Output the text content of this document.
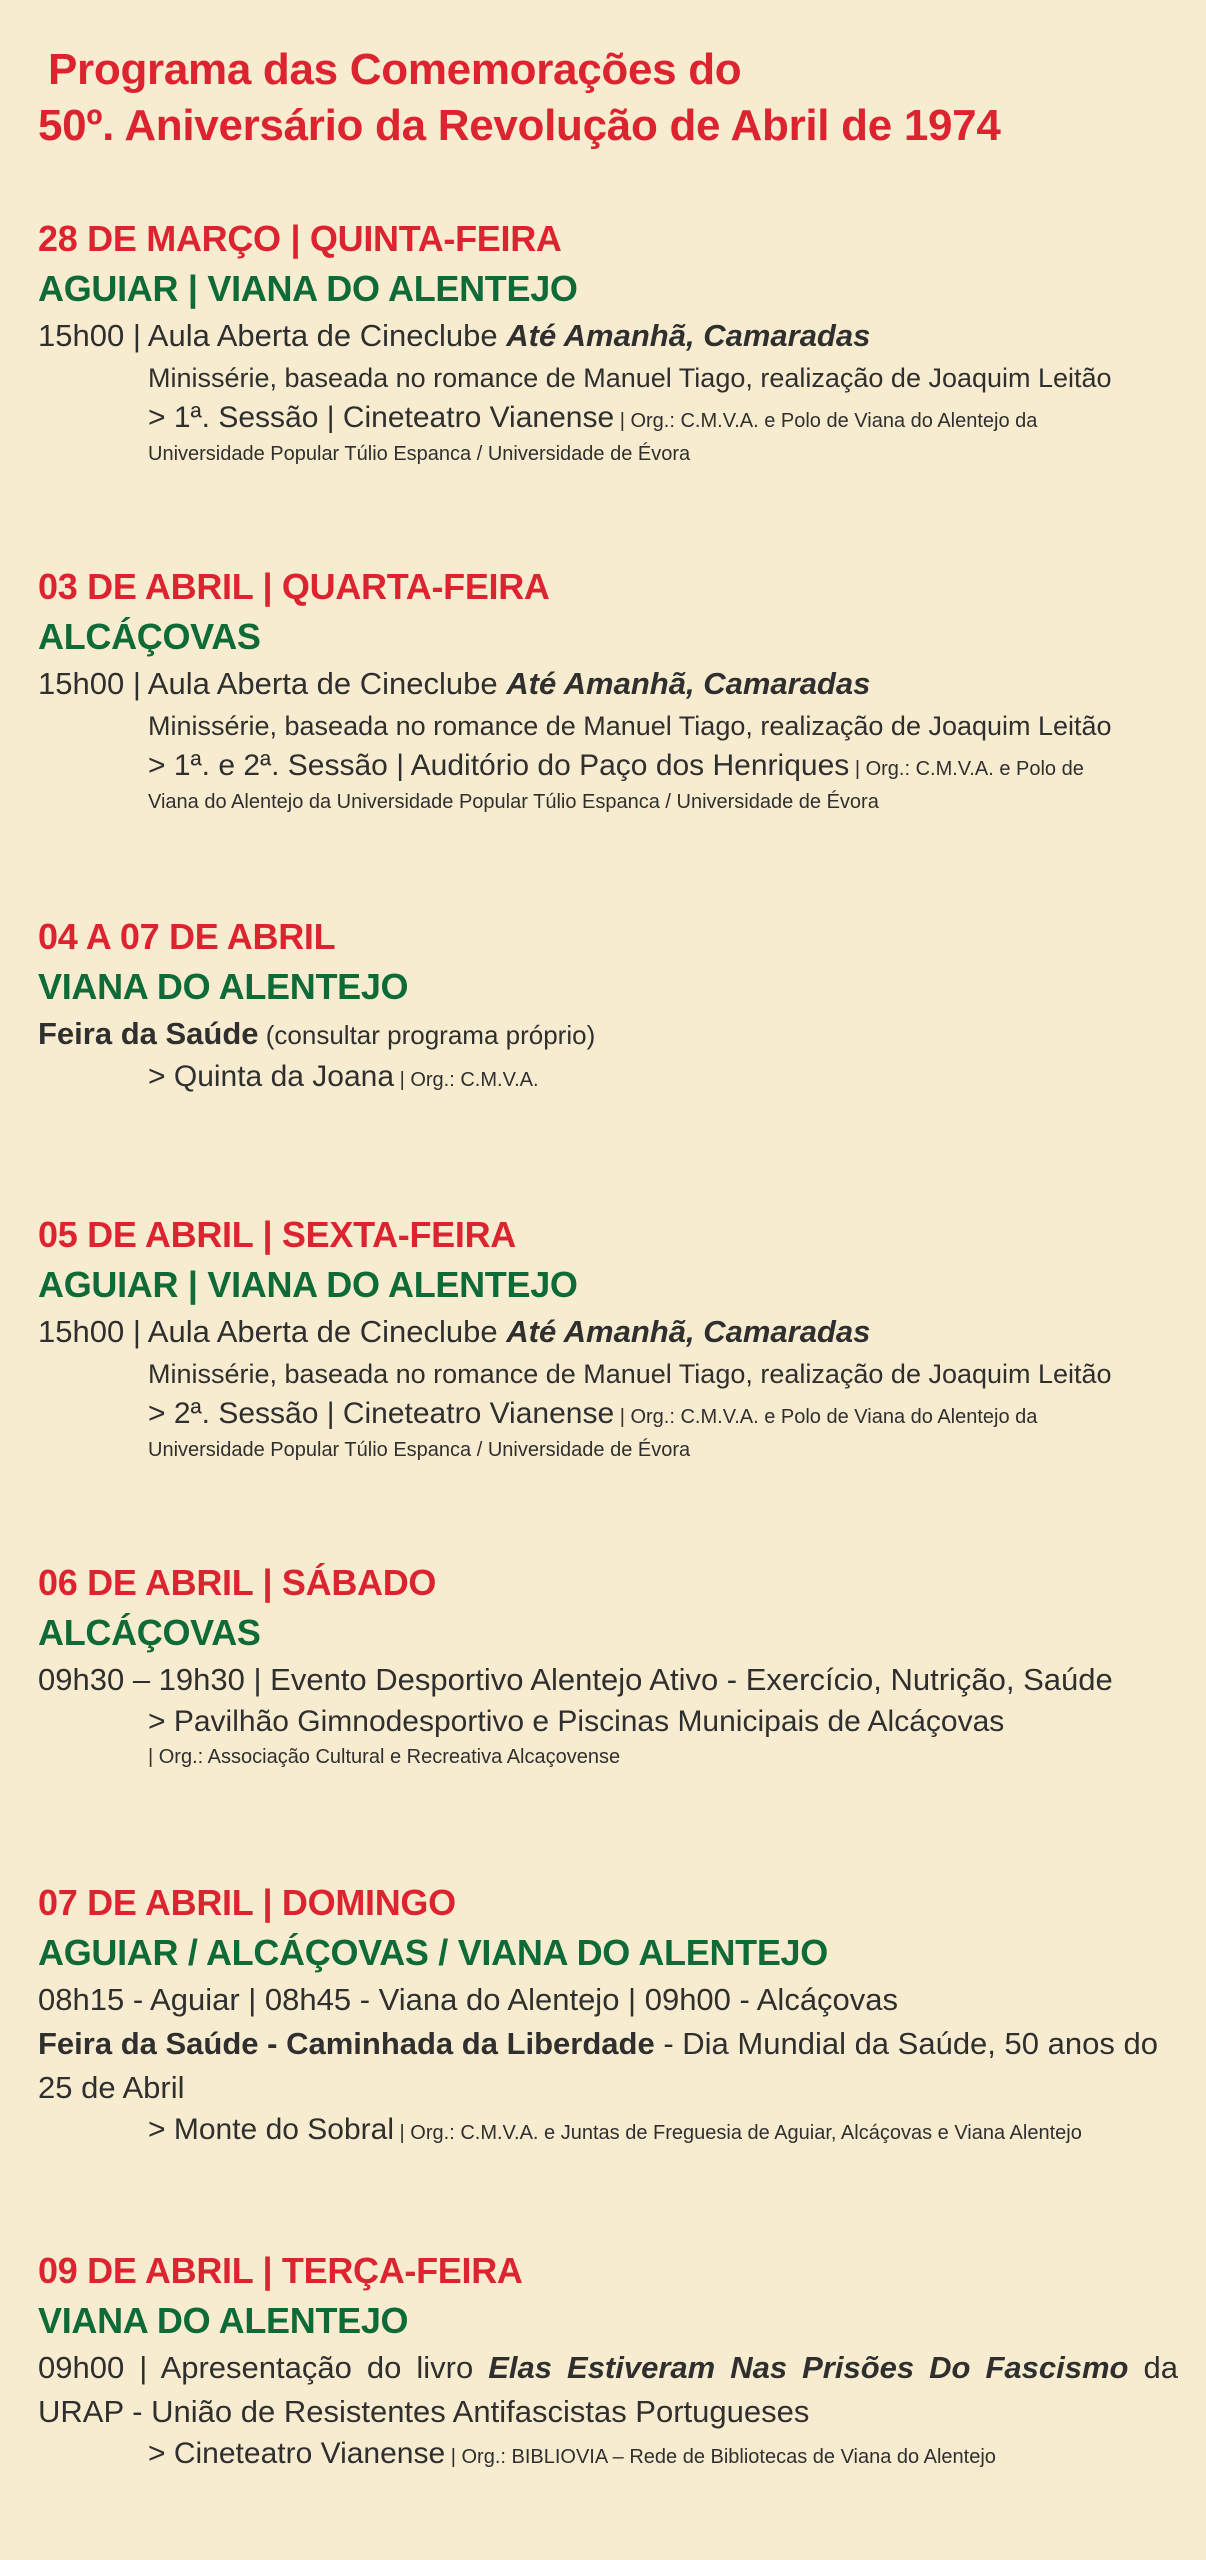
Programa das Comemorações do
50º. Aniversário da Revolução de Abril de 1974
28 DE MARÇO | QUINTA-FEIRA
AGUIAR | VIANA DO ALENTEJO
15h00 | Aula Aberta de Cineclube Até Amanhã, Camaradas
Minissérie, baseada no romance de Manuel Tiago, realização de Joaquim Leitão
> 1ª. Sessão | Cineteatro Vianense | Org.: C.M.V.A. e Polo de Viana do Alentejo da
Universidade Popular Túlio Espanca / Universidade de Évora
03 DE ABRIL | QUARTA-FEIRA
ALCÁÇOVAS
15h00 | Aula Aberta de Cineclube Até Amanhã, Camaradas
Minissérie, baseada no romance de Manuel Tiago, realização de Joaquim Leitão
> 1ª. e 2ª. Sessão | Auditório do Paço dos Henriques | Org.: C.M.V.A. e Polo de
Viana do Alentejo da Universidade Popular Túlio Espanca / Universidade de Évora
04 A 07 DE ABRIL
VIANA DO ALENTEJO
Feira da Saúde (consultar programa próprio)
> Quinta da Joana | Org.: C.M.V.A.
05 DE ABRIL | SEXTA-FEIRA
AGUIAR | VIANA DO ALENTEJO
15h00 | Aula Aberta de Cineclube Até Amanhã, Camaradas
Minissérie, baseada no romance de Manuel Tiago, realização de Joaquim Leitão
> 2ª. Sessão | Cineteatro Vianense | Org.: C.M.V.A. e Polo de Viana do Alentejo da
Universidade Popular Túlio Espanca / Universidade de Évora
06 DE ABRIL | SÁBADO
ALCÁÇOVAS
09h30 – 19h30 | Evento Desportivo Alentejo Ativo - Exercício, Nutrição, Saúde
> Pavilhão Gimnodesportivo e Piscinas Municipais de Alcáçovas
| Org.: Associação Cultural e Recreativa Alcaçovense
07 DE ABRIL | DOMINGO
AGUIAR / ALCÁÇOVAS / VIANA DO ALENTEJO
08h15 - Aguiar | 08h45 - Viana do Alentejo | 09h00 - Alcáçovas
Feira da Saúde - Caminhada da Liberdade - Dia Mundial da Saúde, 50 anos do 25 de Abril
> Monte do Sobral | Org.: C.M.V.A. e Juntas de Freguesia de Aguiar, Alcáçovas e Viana Alentejo
09 DE ABRIL | TERÇA-FEIRA
VIANA DO ALENTEJO
09h00 | Apresentação do livro Elas Estiveram Nas Prisões Do Fascismo da URAP - União de Resistentes Antifascistas Portugueses
> Cineteatro Vianense | Org.: BIBLIOVIA – Rede de Bibliotecas de Viana do Alentejo
